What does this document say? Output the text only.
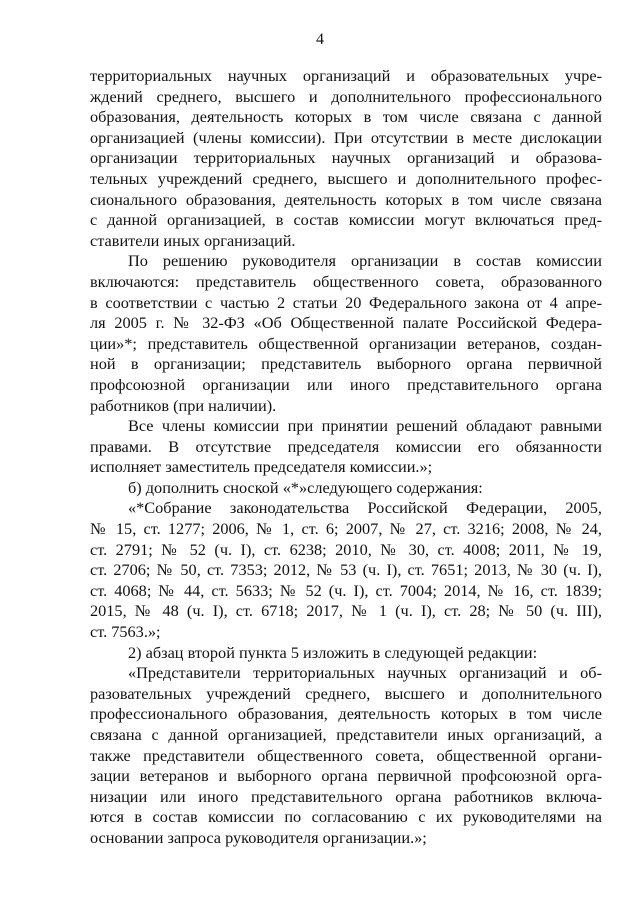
4
территориальных научных организаций и образовательных учре-
ждений среднего, высшего и дополнительного профессионального
образования, деятельность которых в том числе связана с данной
организацией (члены комиссии). При отсутствии в месте дислокации
организации территориальных научных организаций и образова-
тельных учреждений среднего, высшего и дополнительного профес-
сионального образования, деятельность которых в том числе связана
с данной организацией, в состав комиссии могут включаться пред-
ставители иных организаций.
По решению руководителя организации в состав комиссии
включаются: представитель общественного совета, образованного
в соответствии с частью 2 статьи 20 Федерального закона от 4 апре-
ля 2005 г. № 32-ФЗ «Об Общественной палате Российской Федера-
ции»*; представитель общественной организации ветеранов, создан-
ной в организации; представитель выборного органа первичной
профсоюзной организации или иного представительного органа
работников (при наличии).
Все члены комиссии при принятии решений обладают равными
правами. В отсутствие председателя комиссии его обязанности
исполняет заместитель председателя комиссии.»;
б) дополнить сноской «*»следующего содержания:
«*Собрание законодательства Российской Федерации, 2005,
№ 15, ст. 1277; 2006, № 1, ст. 6; 2007, № 27, ст. 3216; 2008, № 24,
ст. 2791; № 52 (ч. I), ст. 6238; 2010, № 30, ст. 4008; 2011, № 19,
ст. 2706; № 50, ст. 7353; 2012, № 53 (ч. I), ст. 7651; 2013, № 30 (ч. I),
ст. 4068; № 44, ст. 5633; № 52 (ч. I), ст. 7004; 2014, № 16, ст. 1839;
2015, № 48 (ч. I), ст. 6718; 2017, № 1 (ч. I), ст. 28; № 50 (ч. III),
ст. 7563.»;
2) абзац второй пункта 5 изложить в следующей редакции:
«Представители территориальных научных организаций и об-
разовательных учреждений среднего, высшего и дополнительного
профессионального образования, деятельность которых в том числе
связана с данной организацией, представители иных организаций, а
также представители общественного совета, общественной органи-
зации ветеранов и выборного органа первичной профсоюзной орга-
низации или иного представительного органа работников включа-
ются в состав комиссии по согласованию с их руководителями на
основании запроса руководителя организации.»;
